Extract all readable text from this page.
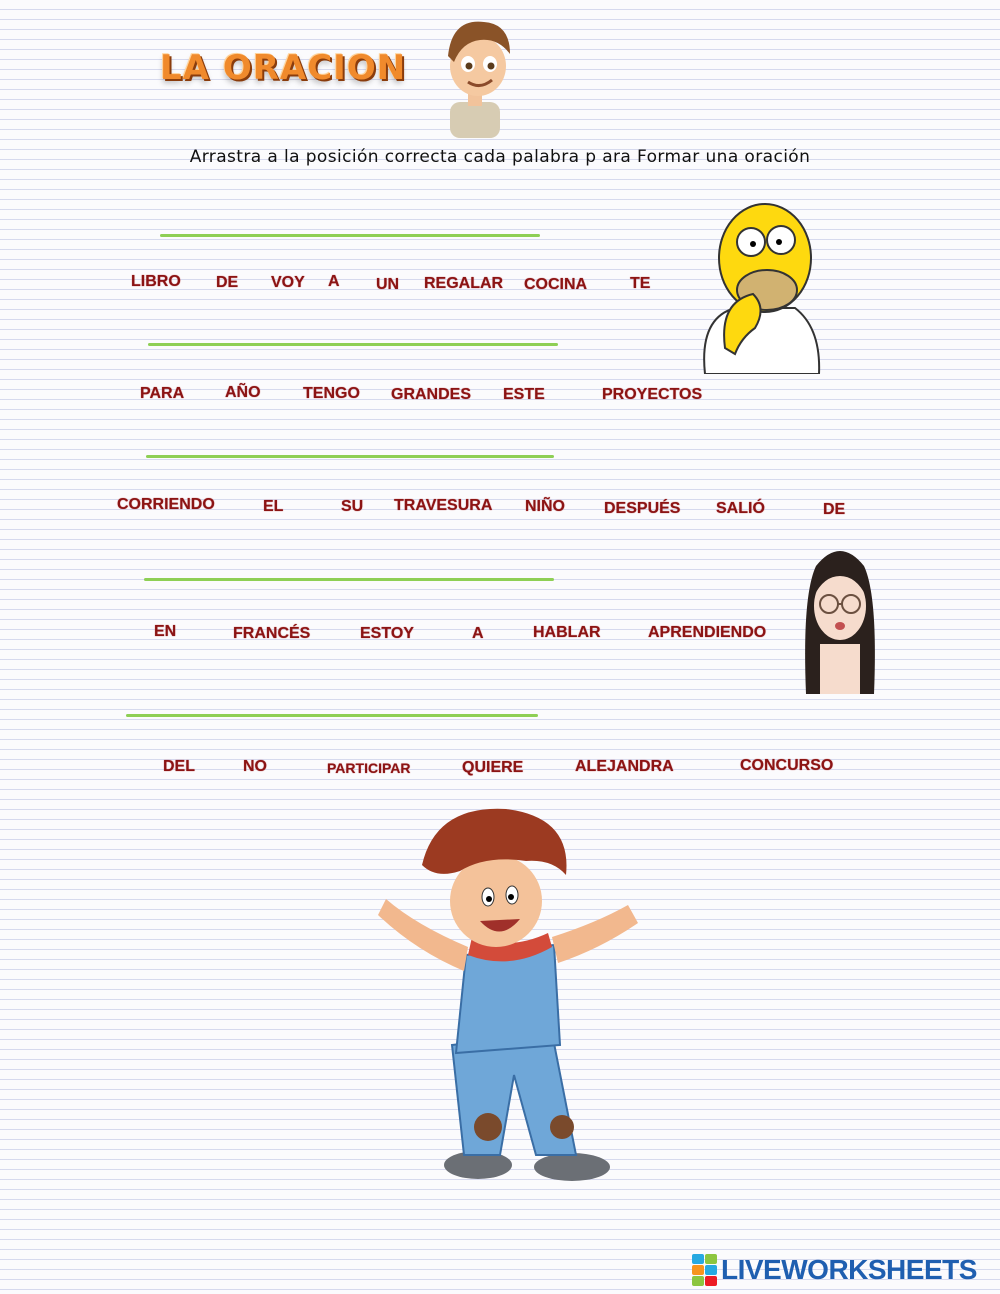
LA ORACION
Arrastra a la posición correcta cada palabra p ara Formar una oración
LIBRO DE VOY A UN REGALAR COCINA	TE
PARA	AÑO	TENGO GRANDES ESTE	PROYECTOS
CORRIENDO	EL	SU TRAVESURA NIÑO DESPUÉS SALIÓ	DE
EN	FRANCÉS	ESTOY	A	HABLAR	APRENDIENDO
DEL	NO	PARTICIPAR	QUIERE	ALEJANDRA	CONCURSO
LIVEWORKSHEETS
